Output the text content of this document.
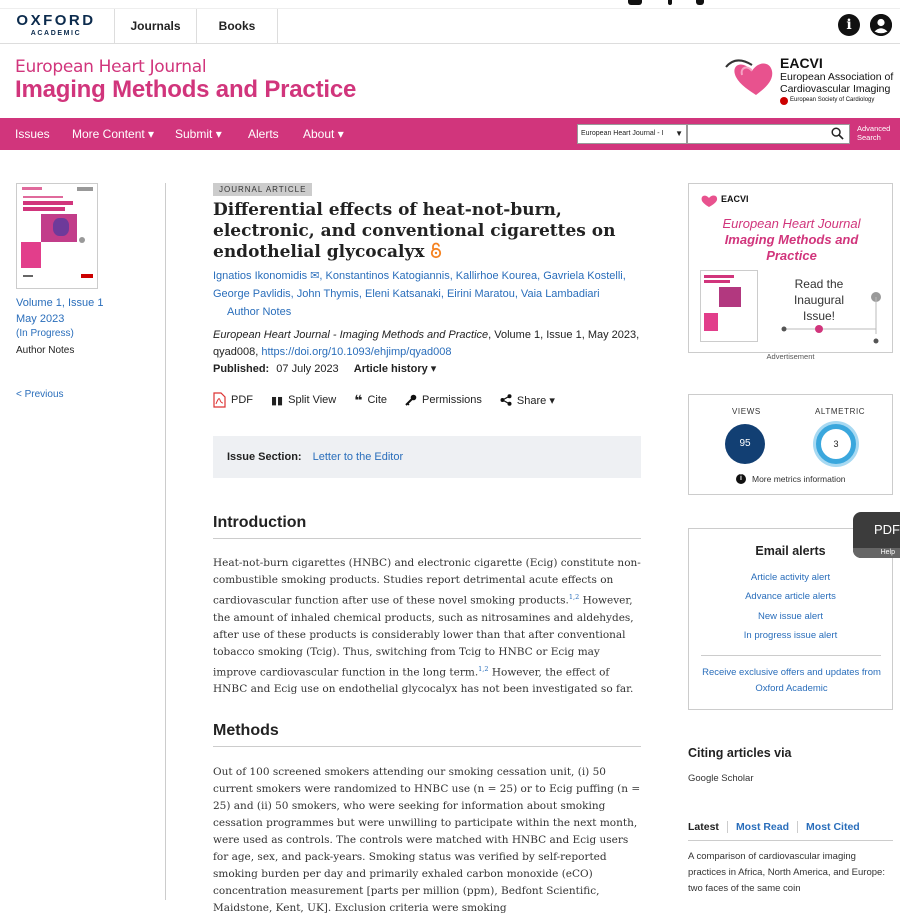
OXFORD
ACADEMIC
Journals	Books	i
European Heart Journal
Imaging Methods and Practice
EACVI
European Association of
Cardiovascular Imaging
European Society of Cardiology
Issues More Content ▾ Submit ▾ Alerts About ▾	European Heart Journal - I ▼
Advanced
Search
Volume 1, Issue 1
May 2023
(In Progress)
Author Notes
< Previous
JOURNAL ARTICLE
Differential effects of heat-not-burn, electronic, and conventional cigarettes on endothelial glycocalyx
Ignatios Ikonomidis ✉, Konstantinos Katogiannis, Kallirhoe Kourea, Gavriela Kostelli,
George Pavlidis, John Thymis, Eleni Katsanaki, Eirini Maratou, Vaia Lambadiari
Author Notes
European Heart Journal - Imaging Methods and Practice, Volume 1, Issue 1, May 2023,
qyad008, https://doi.org/10.1093/ehjimp/qyad008
Published: 07 July 2023 Article history ▾
PDF ▮▮ Split View ❝ Cite	Permissions	Share ▾
Issue Section: Letter to the Editor
Introduction
Heat-not-burn cigarettes (HNBC) and electronic cigarette (Ecig) constitute non-combustible smoking products. Studies report detrimental acute effects on cardiovascular function after use of these novel smoking products.$^{1,2}$ However, the amount of inhaled chemical products, such as nitrosamines and aldehydes, after use of these products is considerably lower than that after conventional tobacco smoking (Tcig). Thus, switching from Tcig to HNBC or Ecig may improve cardiovascular function in the long term.$^{1,2}$ However, the effect of HNBC and Ecig use on endothelial glycocalyx has not been investigated so far.
Methods
Out of 100 screened smokers attending our smoking cessation unit, (i) 50 current smokers were randomized to HNBC use (n = 25) or to Ecig puffing (n = 25) and (ii) 50 smokers, who were seeking for information about smoking cessation programmes but were unwilling to participate within the next month, were used as controls. The controls were matched with HNBC and Ecig users for age, sex, and pack-years. Smoking status was verified by self-reported smoking burden per day and primarily exhaled carbon monoxide (eCO) concentration measurement [parts per million (ppm), Bedfont Scientific, Maidstone, Kent, UK]. Exclusion criteria were smoking
EACVI
European Heart Journal
Imaging Methods and
Practice
Read the
Inaugural
Issue!
Advertisement
VIEWS	ALTMETRIC
95	3
i	More metrics information
Email alerts
Article activity alert
Advance article alerts
New issue alert
In progress issue alert
Receive exclusive offers and updates from Oxford Academic
PDF
Help
Citing articles via
Google Scholar
Latest	Most Read	Most Cited
A comparison of cardiovascular imaging practices in Africa, North America, and Europe: two faces of the same coin
